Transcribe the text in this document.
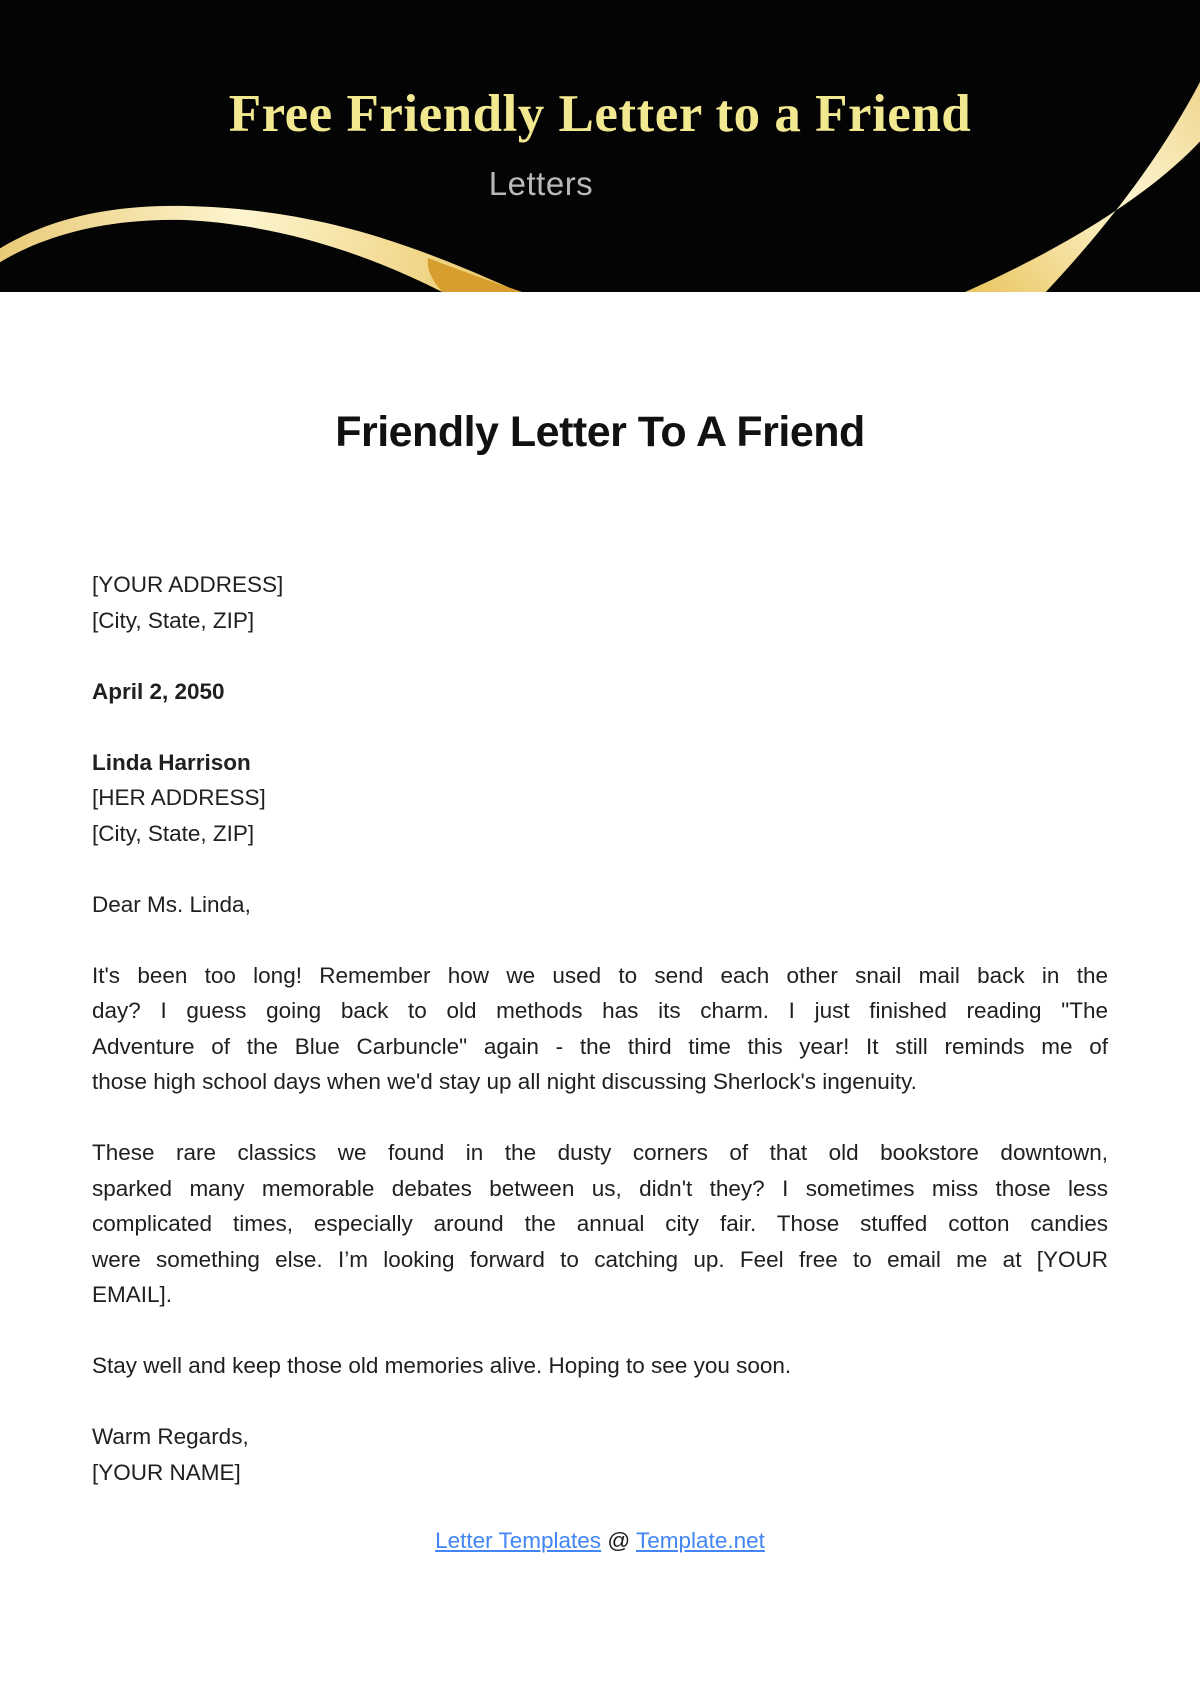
Free Friendly Letter to a Friend
Letters
Friendly Letter To A Friend
[YOUR ADDRESS]
[City, State, ZIP]
April 2, 2050
Linda Harrison
[HER ADDRESS]
[City, State, ZIP]
Dear Ms. Linda,
It's been too long! Remember how we used to send each other snail mail back in the
day? I guess going back to old methods has its charm. I just finished reading "The
Adventure of the Blue Carbuncle" again - the third time this year! It still reminds me of
those high school days when we'd stay up all night discussing Sherlock's ingenuity.
These rare classics we found in the dusty corners of that old bookstore downtown,
sparked many memorable debates between us, didn't they? I sometimes miss those less
complicated times, especially around the annual city fair. Those stuffed cotton candies
were something else. I’m looking forward to catching up. Feel free to email me at [YOUR
EMAIL].
Stay well and keep those old memories alive. Hoping to see you soon.
Warm Regards,
[YOUR NAME]
Letter Templates @ Template.net
